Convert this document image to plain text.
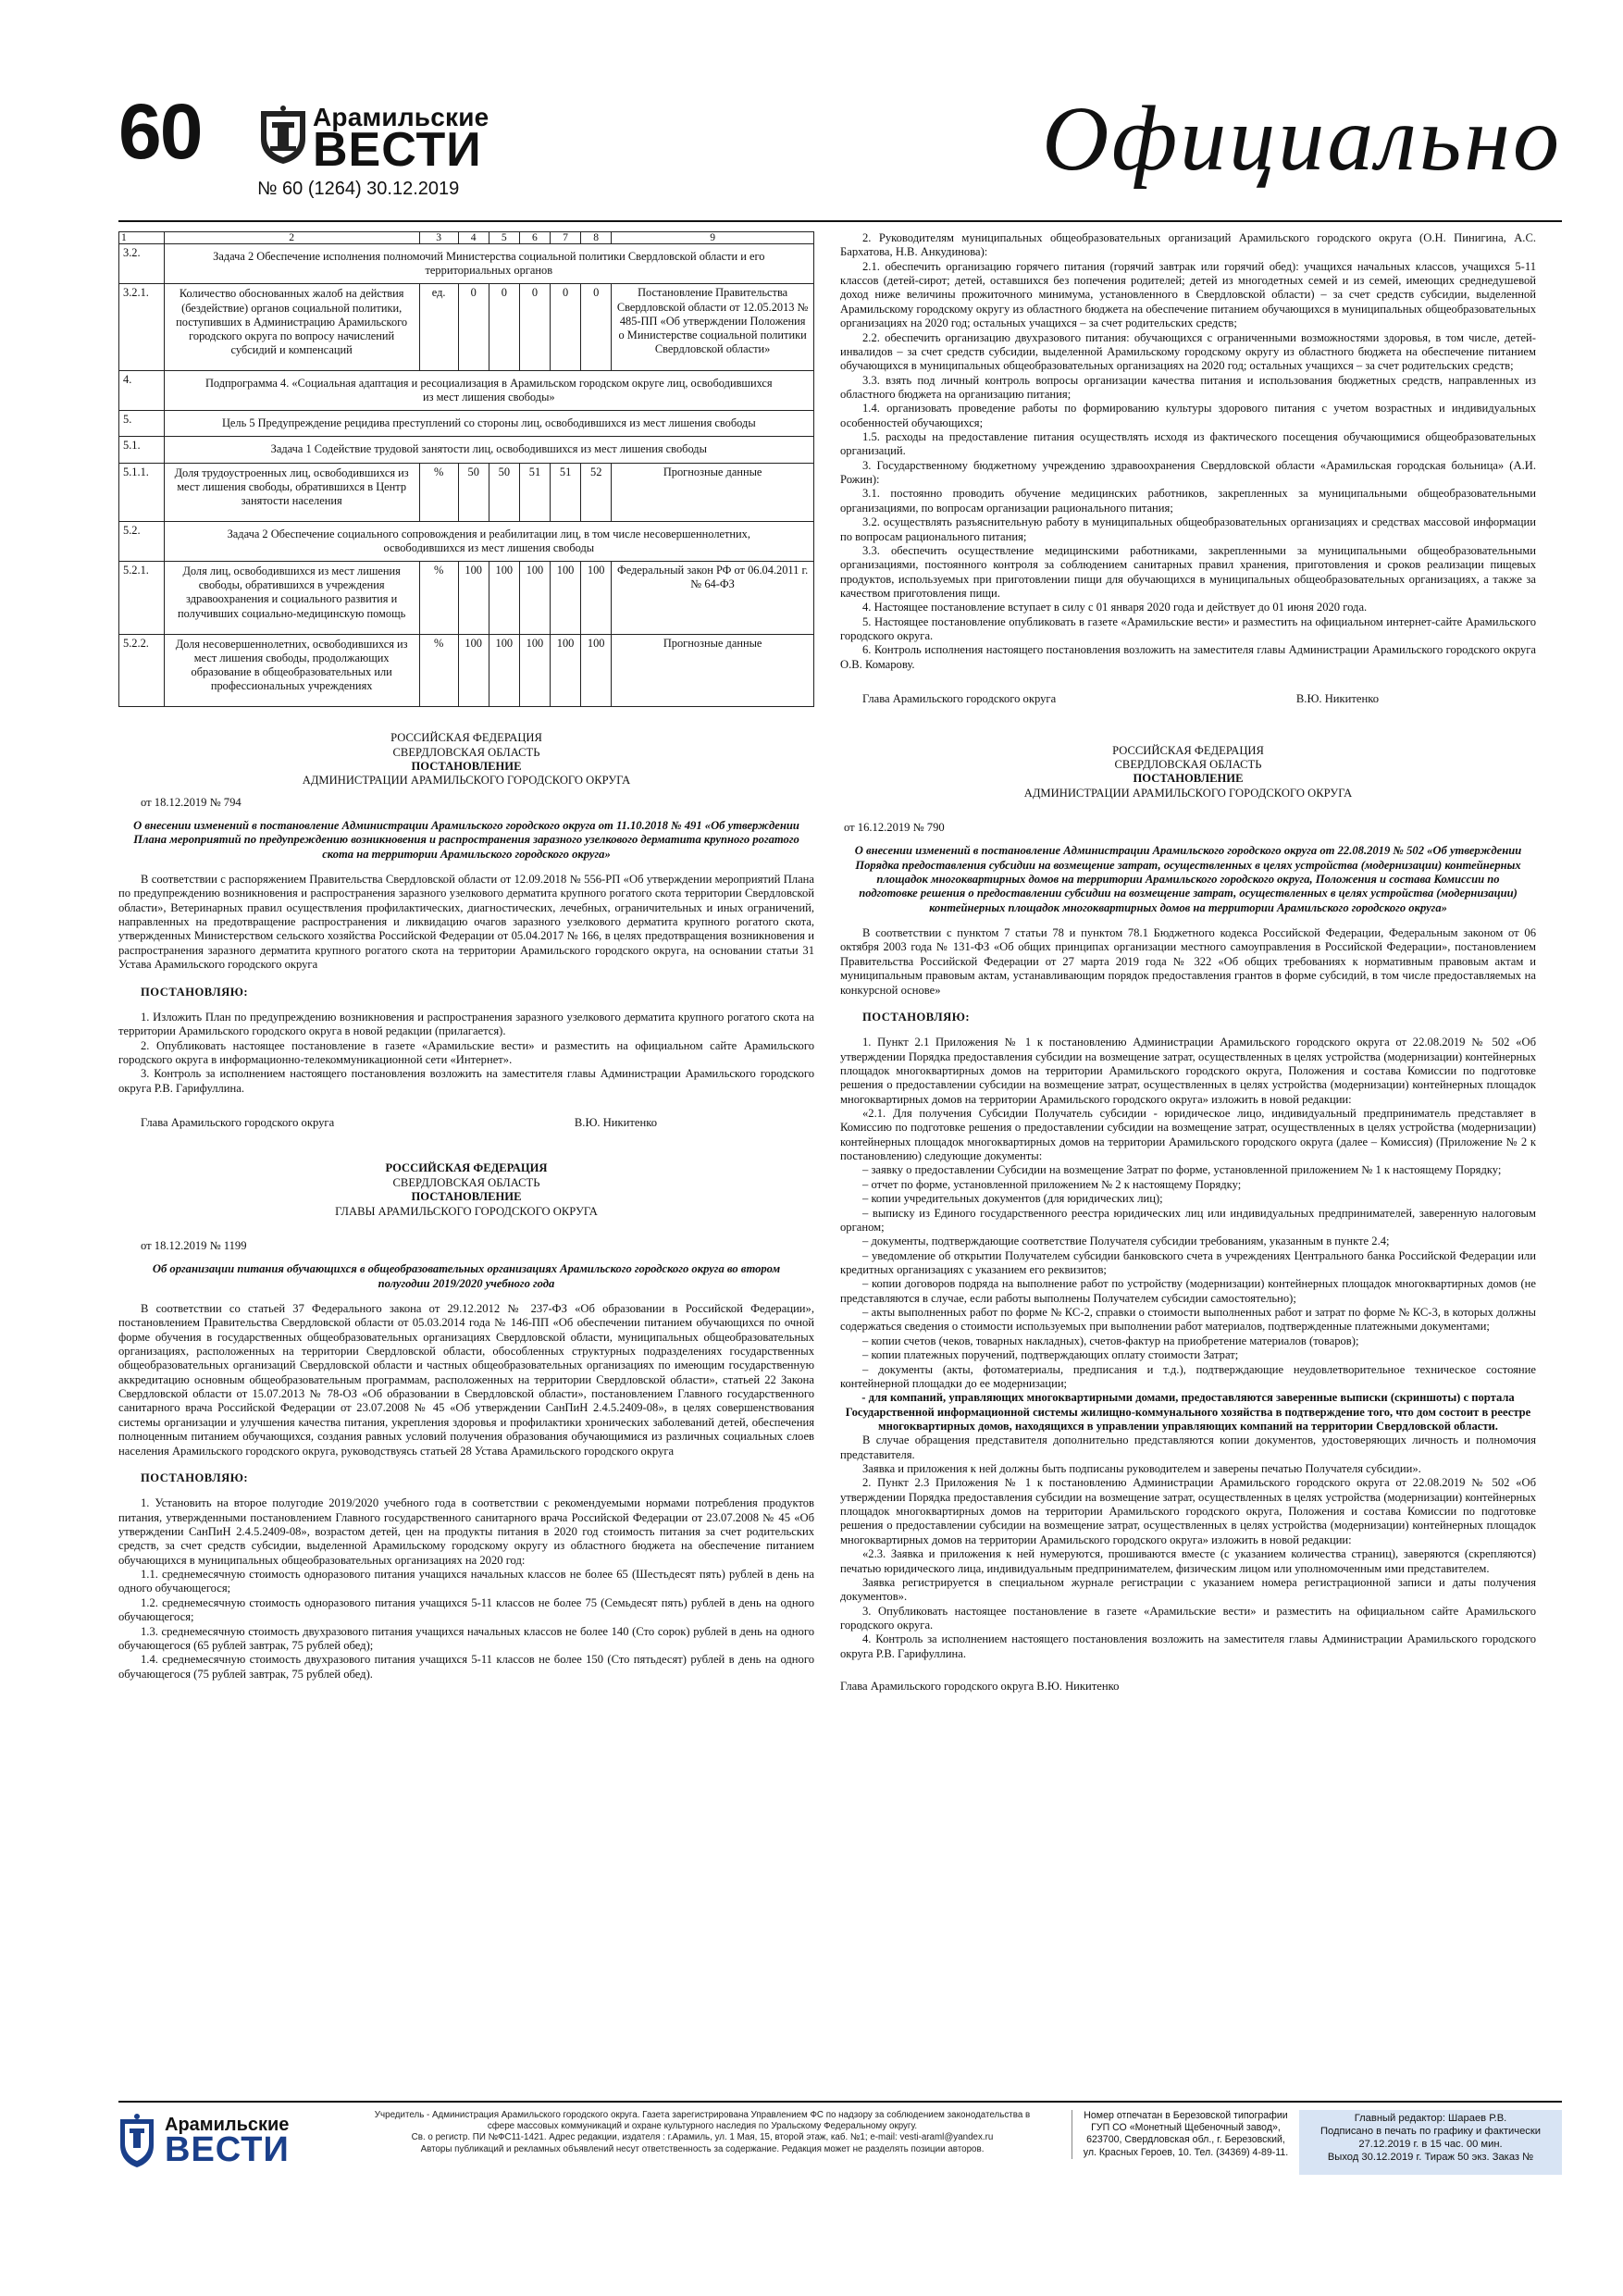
60	Арамильские
ВЕСТИ
№ 60 (1264) 30.12.2019	Официально
1	2	3	4	5	6	7	8	9
3.2.	Задача 2 Обеспечение исполнения полномочий Министерства социальной политики Свердловской области и его территориальных органов							
3.2.1.	Количество обоснованных жалоб на действия (бездействие) органов социальной политики, поступивших в Администрацию Арамильского городского округа по вопросу начислений субсидий и компенсаций	ед.	0	0	0	0	0	Постановление Правительства Свердловской области от 12.05.2013 № 485-ПП «Об утверждении Положения о Министерстве социальной политики Свердловской области»
4.	Подпрограмма 4. «Социальная адаптация и ресоциализация в Арамильском городском округе лиц, освободившихся из мест лишения свободы»							
5.	Цель 5 Предупреждение рецидива преступлений со стороны лиц, освободившихся из мест лишения свободы							
5.1.	Задача 1 Содействие трудовой занятости лиц, освободившихся из мест лишения свободы							
5.1.1.	Доля трудоустроенных лиц, освободившихся из мест лишения свободы, обратившихся в Центр занятости населения	%	50	50	51	51	52	Прогнозные данные
5.2.	Задача 2 Обеспечение социального сопровождения и реабилитации лиц, в том числе несовершеннолетних, освободившихся из мест лишения свободы							
5.2.1.	Доля лиц, освободившихся из мест лишения свободы, обратившихся в учреждения здравоохранения и социального развития и получивших социально-медицинскую помощь	%	100	100	100	100	100	Федеральный закон РФ от 06.04.2011 г. № 64-ФЗ
5.2.2.	Доля несовершеннолетних, освободившихся из мест лишения свободы, продолжающих образование в общеобразовательных или профессиональных учреждениях	%	100	100	100	100	100	Прогнозные данные
РОССИЙСКАЯ ФЕДЕРАЦИЯ
СВЕРДЛОВСКАЯ ОБЛАСТЬ
ПОСТАНОВЛЕНИЕ
АДМИНИСТРАЦИИ АРАМИЛЬСКОГО ГОРОДСКОГО ОКРУГА
от 18.12.2019 № 794
О внесении изменений в постановление Администрации Арамильского городского округа от 11.10.2018 № 491 «Об утверждении Плана мероприятий по предупреждению возникновения и распространения заразного узелкового дерматита крупного рогатого скота на территории Арамильского городского округа»

В соответствии с распоряжением Правительства Свердловской области от 12.09.2018 № 556-РП «Об утверждении мероприятий Плана по предупреждению возникновения и распространения заразного узелкового дерматита крупного рогатого скота территории Свердловской области», Ветеринарных правил осуществления профилактических, диагностических, лечебных, ограничительных и иных ограничений, направленных на предотвращение распространения и ликвидацию очагов заразного узелкового дерматита крупного рогатого скота, утвержденных Министерством сельского хозяйства Российской Федерации от 05.04.2017 № 166, в целях предотвращения возникновения и распространения заразного дерматита крупного рогатого скота на территории Арамильского городского округа, на основании статьи 31 Устава Арамильского городского округа

ПОСТАНОВЛЯЮ:

1. Изложить План по предупреждению возникновения и распространения заразного узелкового дерматита крупного рогатого скота на территории Арамильского городского округа в новой редакции (прилагается).

2. Опубликовать настоящее постановление в газете «Арамильские вести» и разместить на официальном сайте Арамильского городского округа в информационно-телекоммуникационной сети «Интернет».

3. Контроль за исполнением настоящего постановления возложить на заместителя главы Администрации Арамильского городского округа Р.В. Гарифуллина.

Глава Арамильского городского округа	В.Ю. Никитенко
РОССИЙСКАЯ ФЕДЕРАЦИЯ
СВЕРДЛОВСКАЯ ОБЛАСТЬ
ПОСТАНОВЛЕНИЕ
ГЛАВЫ АРАМИЛЬСКОГО ГОРОДСКОГО ОКРУГА
от 18.12.2019 № 1199
Об организации питания обучающихся в общеобразовательных организациях Арамильского городского округа во втором полугодии 2019/2020 учебного года

В соответствии со статьей 37 Федерального закона от 29.12.2012 № 237-ФЗ «Об образовании в Российской Федерации», постановлением Правительства Свердловской области от 05.03.2014 года № 146-ПП «Об обеспечении питанием обучающихся по очной форме обучения в государственных общеобразовательных организациях Свердловской области, муниципальных общеобразовательных организациях, расположенных на территории Свердловской области, обособленных структурных подразделениях государственных общеобразовательных организаций Свердловской области и частных общеобразовательных организациях по имеющим государственную аккредитацию основным общеобразовательным программам, расположенных на территории Свердловской области», статьей 22 Закона Свердловской области от 15.07.2013 № 78-ОЗ «Об образовании в Свердловской области», постановлением Главного государственного санитарного врача Российской Федерации от 23.07.2008 № 45 «Об утверждении СанПиН 2.4.5.2409-08», в целях совершенствования системы организации и улучшения качества питания, укрепления здоровья и профилактики хронических заболеваний детей, обеспечения полноценным питанием обучающихся, создания равных условий получения образования обучающимися из различных социальных слоев населения Арамильского городского округа, руководствуясь статьей 28 Устава Арамильского городского округа

ПОСТАНОВЛЯЮ:

1. Установить на второе полугодие 2019/2020 учебного года в соответствии с рекомендуемыми нормами потребления продуктов питания, утвержденными постановлением Главного государственного санитарного врача Российской Федерации от 23.07.2008 № 45 «Об утверждении СанПиН 2.4.5.2409-08», возрастом детей, цен на продукты питания в 2020 год стоимость питания за счет родительских средств, за счет средств субсидии, выделенной Арамильскому городскому округу из областного бюджета на обеспечение питанием обучающихся в муниципальных общеобразовательных организациях на 2020 год:

1.1. среднемесячную стоимость одноразового питания учащихся начальных классов не более 65 (Шестьдесят пять) рублей в день на одного обучающегося;

1.2. среднемесячную стоимость одноразового питания учащихся 5-11 классов не более 75 (Семьдесят пять) рублей в день на одного обучающегося;

1.3. среднемесячную стоимость двухразового питания учащихся начальных классов не более 140 (Сто сорок) рублей в день на одного обучающегося (65 рублей завтрак, 75 рублей обед);

1.4. среднемесячную стоимость двухразового питания учащихся 5-11 классов не более 150 (Сто пятьдесят) рублей в день на одного обучающегося (75 рублей завтрак, 75 рублей обед).

2. Руководителям муниципальных общеобразовательных организаций Арамильского городского округа (О.Н. Пинигина, А.С. Бархатова, Н.В. Анкудинова):

2.1. обеспечить организацию горячего питания (горячий завтрак или горячий обед): учащихся начальных классов, учащихся 5-11 классов (детей-сирот; детей, оставшихся без попечения родителей; детей из многодетных семей и из семей, имеющих среднедушевой доход ниже величины прожиточного минимума, установленного в Свердловской области) – за счет средств субсидии, выделенной Арамильскому городскому округу из областного бюджета на обеспечение питанием обучающихся в муниципальных общеобразовательных организациях на 2020 год; остальных учащихся – за счет родительских средств;

2.2. обеспечить организацию двухразового питания: обучающихся с ограниченными возможностями здоровья, в том числе, детей-инвалидов – за счет средств субсидии, выделенной Арамильскому городскому округу из областного бюджета на обеспечение питанием обучающихся в муниципальных общеобразовательных организациях на 2020 год; остальных учащихся – за счет родительских средств;

3.3. взять под личный контроль вопросы организации качества питания и использования бюджетных средств, направленных из областного бюджета на организацию питания;

1.4. организовать проведение работы по формированию культуры здорового питания с учетом возрастных и индивидуальных особенностей обучающихся;

1.5. расходы на предоставление питания осуществлять исходя из фактического посещения обучающимися общеобразовательных организаций.

3. Государственному бюджетному учреждению здравоохранения Свердловской области «Арамильская городская больница» (А.И. Рожин):

3.1. постоянно проводить обучение медицинских работников, закрепленных за муниципальными общеобразовательными организациями, по вопросам организации рационального питания;

3.2. осуществлять разъяснительную работу в муниципальных общеобразовательных организациях и средствах массовой информации по вопросам рационального питания;

3.3. обеспечить осуществление медицинскими работниками, закрепленными за муниципальными общеобразовательными организациями, постоянного контроля за соблюдением санитарных правил хранения, приготовления и сроков реализации пищевых продуктов, используемых при приготовлении пищи для обучающихся в муниципальных общеобразовательных организациях, а также за качеством приготовления пищи.

4. Настоящее постановление вступает в силу с 01 января 2020 года и действует до 01 июня 2020 года.

5. Настоящее постановление опубликовать в газете «Арамильские вести» и разместить на официальном интернет-сайте Арамильского городского округа.

6. Контроль исполнения настоящего постановления возложить на заместителя главы Администрации Арамильского городского округа О.В. Комарову.

Глава Арамильского городского округа	В.Ю. Никитенко
РОССИЙСКАЯ ФЕДЕРАЦИЯ
СВЕРДЛОВСКАЯ ОБЛАСТЬ
ПОСТАНОВЛЕНИЕ
АДМИНИСТРАЦИИ АРАМИЛЬСКОГО ГОРОДСКОГО ОКРУГА
от 16.12.2019 № 790
О внесении изменений в постановление Администрации Арамильского городского округа от 22.08.2019 № 502 «Об утверждении Порядка предоставления субсидии на возмещение затрат, осуществленных в целях устройства (модернизации) контейнерных площадок многоквартирных домов на территории Арамильского городского округа, Положения и состава Комиссии по подготовке решения о предоставлении субсидии на возмещение затрат, осуществленных в целях устройства (модернизации) контейнерных площадок многоквартирных домов на территории Арамильского городского округа»

В соответствии с пунктом 7 статьи 78 и пунктом 78.1 Бюджетного кодекса Российской Федерации, Федеральным законом от 06 октября 2003 года № 131-ФЗ «Об общих принципах организации местного самоуправления в Российской Федерации», постановлением Правительства Российской Федерации от 27 марта 2019 года № 322 «Об общих требованиях к нормативным правовым актам и муниципальным правовым актам, устанавливающим порядок предоставления грантов в форме субсидий, в том числе предоставляемых на конкурсной основе»

ПОСТАНОВЛЯЮ:

1. Пункт 2.1 Приложения № 1 к постановлению Администрации Арамильского городского округа от 22.08.2019 № 502 «Об утверждении Порядка предоставления субсидии на возмещение затрат, осуществленных в целях устройства (модернизации) контейнерных площадок многоквартирных домов на территории Арамильского городского округа, Положения и состава Комиссии по подготовке решения о предоставлении субсидии на возмещение затрат, осуществленных в целях устройства (модернизации) контейнерных площадок многоквартирных домов на территории Арамильского городского округа» изложить в новой редакции:

«2.1. Для получения Субсидии Получатель субсидии - юридическое лицо, индивидуальный предприниматель представляет в Комиссию по подготовке решения о предоставлении субсидии на возмещение затрат, осуществленных в целях устройства (модернизации) контейнерных площадок многоквартирных домов на территории Арамильского городского округа (далее – Комиссия) (Приложение № 2 к постановлению) следующие документы:

– заявку о предоставлении Субсидии на возмещение Затрат по форме, установленной приложением № 1 к настоящему Порядку;

– отчет по форме, установленной приложением № 2 к настоящему Порядку;

– копии учредительных документов (для юридических лиц);

– выписку из Единого государственного реестра юридических лиц или индивидуальных предпринимателей, заверенную налоговым органом;

– документы, подтверждающие соответствие Получателя субсидии требованиям, указанным в пункте 2.4;

– уведомление об открытии Получателем субсидии банковского счета в учреждениях Центрального банка Российской Федерации или кредитных организациях с указанием его реквизитов;

– копии договоров подряда на выполнение работ по устройству (модернизации) контейнерных площадок многоквартирных домов (не представляются в случае, если работы выполнены Получателем субсидии самостоятельно);

– акты выполненных работ по форме № КС-2, справки о стоимости выполненных работ и затрат по форме № КС-3, в которых должны содержаться сведения о стоимости используемых при выполнении работ материалов, подтвержденные платежными документами;

– копии счетов (чеков, товарных накладных), счетов-фактур на приобретение материалов (товаров);

– копии платежных поручений, подтверждающих оплату стоимости Затрат;

– документы (акты, фотоматериалы, предписания и т.д.), подтверждающие неудовлетворительное техническое состояние контейнерной площадки до ее модернизации;

- для компаний, управляющих многоквартирными домами, предоставляются заверенные выписки (скриншоты) с портала Государственной информационной системы жилищно-коммунального хозяйства в подтверждение того, что дом состоит в реестре многоквартирных домов, находящихся в управлении управляющих компаний на территории Свердловской области.

В случае обращения представителя дополнительно представляются копии документов, удостоверяющих личность и полномочия представителя.

Заявка и приложения к ней должны быть подписаны руководителем и заверены печатью Получателя субсидии».

2. Пункт 2.3 Приложения № 1 к постановлению Администрации Арамильского городского округа от 22.08.2019 № 502 «Об утверждении Порядка предоставления субсидии на возмещение затрат, осуществленных в целях устройства (модернизации) контейнерных площадок многоквартирных домов на территории Арамильского городского округа, Положения и состава Комиссии по подготовке решения о предоставлении субсидии на возмещение затрат, осуществленных в целях устройства (модернизации) контейнерных площадок многоквартирных домов на территории Арамильского городского округа» изложить в новой редакции:

«2.3. Заявка и приложения к ней нумеруются, прошиваются вместе (с указанием количества страниц), заверяются (скрепляются) печатью юридического лица, индивидуальным предпринимателем, физическим лицом или уполномоченным ими представителем.

Заявка регистрируется в специальном журнале регистрации с указанием номера регистрационной записи и даты получения документов».

3. Опубликовать настоящее постановление в газете «Арамильские вести» и разместить на официальном сайте Арамильского городского округа.

4. Контроль за исполнением настоящего постановления возложить на заместителя главы Администрации Арамильского городского округа Р.В. Гарифуллина.

Глава Арамильского городского округа В.Ю. Никитенко
Арамильские
ВЕСТИ
Учредитель - Администрация Арамильского городского округа. Газета зарегистрирована Управлением ФС по надзору за соблюдением законодательства в
сфере массовых коммуникаций и охране культурного наследия по Уральскому Федеральному округу.
Св. о регистр. ПИ №ФС11-1421. Адрес редакции, издателя : г.Арамиль, ул. 1 Мая, 15, второй этаж, каб. №1; e-mail: vesti-araml@yandex.ru
Авторы публикаций и рекламных объявлений несут ответственность за содержание. Редакция может не разделять позиции авторов.
Номер отпечатан в Березовской типографии
ГУП СО «Монетный Щебеночный завод»,
623700, Свердловская обл., г. Березовский,
ул. Красных Героев, 10. Тел. (34369) 4-89-11.
Главный редактор: Шараев Р.В.
Подписано в печать по графику и фактически
27.12.2019 г. в 15 час. 00 мин.
Выход 30.12.2019 г. Тираж 50 экз. Заказ №
